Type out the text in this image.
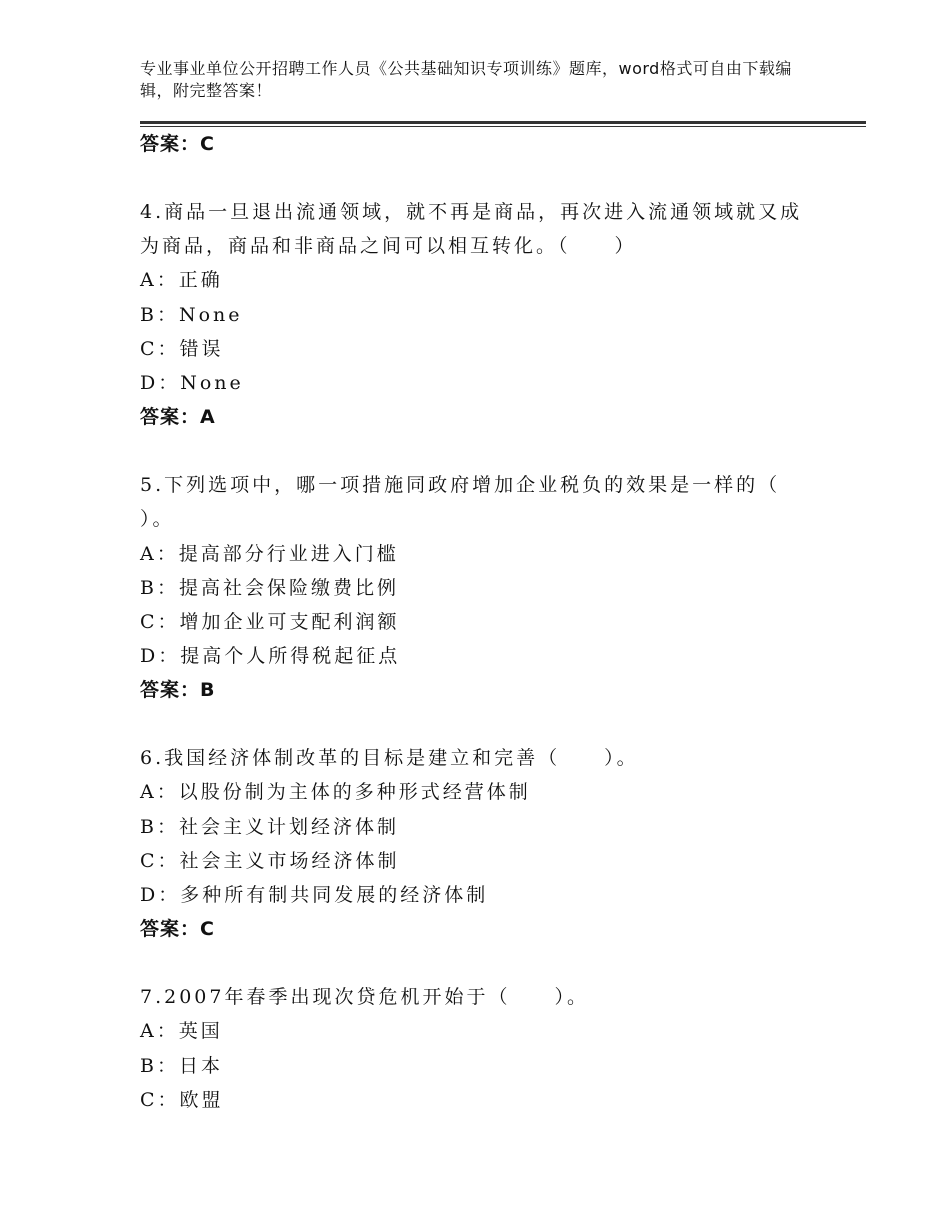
专业事业单位公开招聘工作人员《公共基础知识专项训练》题库，word格式可自由下载编辑，附完整答案！
答案：C
4.商品一旦退出流通领域，就不再是商品，再次进入流通领域就又成
为商品，商品和非商品之间可以相互转化。（　　）
A：正确
B：None
C：错误
D：None
答案：A
5.下列选项中，哪一项措施同政府增加企业税负的效果是一样的（
）。
A：提高部分行业进入门槛
B：提高社会保险缴费比例
C：增加企业可支配利润额
D：提高个人所得税起征点
答案：B
6.我国经济体制改革的目标是建立和完善（　　）。
A：以股份制为主体的多种形式经营体制
B：社会主义计划经济体制
C：社会主义市场经济体制
D：多种所有制共同发展的经济体制
答案：C
7.2007年春季出现次贷危机开始于（　　）。
A：英国
B：日本
C：欧盟
